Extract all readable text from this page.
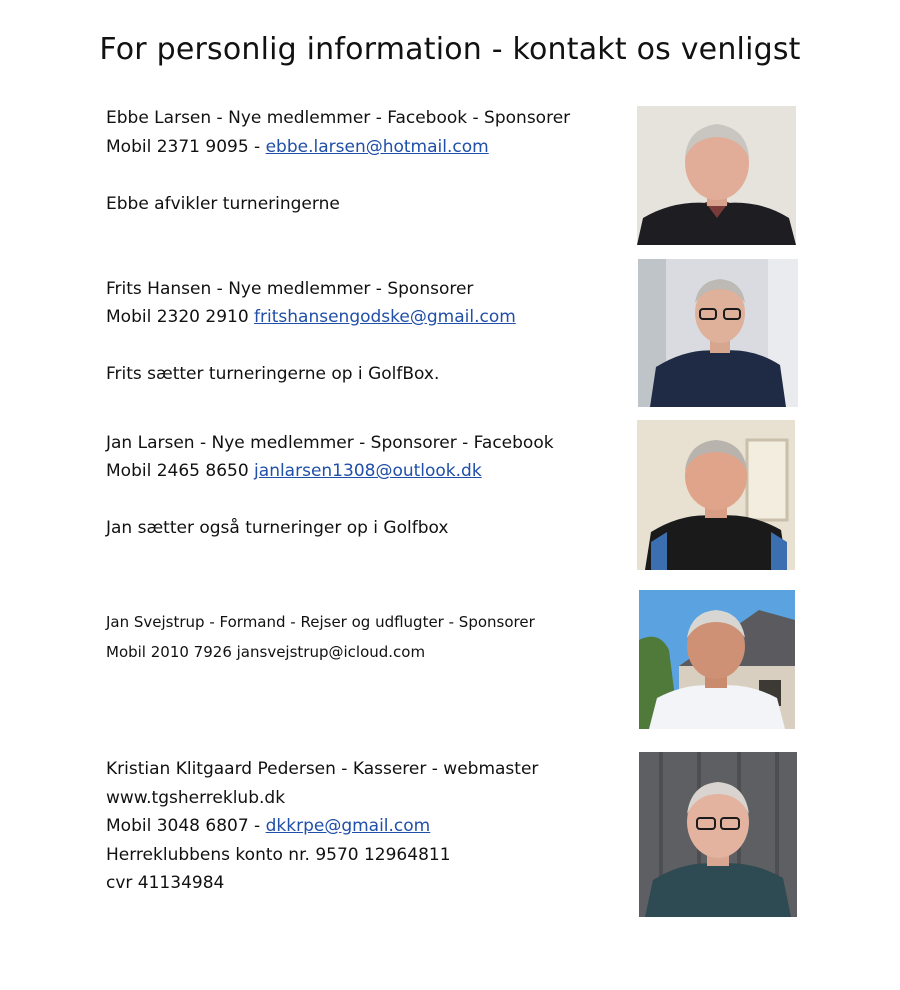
For personlig information - kontakt os venligst
Ebbe Larsen - Nye medlemmer - Facebook - Sponsorer
Mobil 2371 9095 - ebbe.larsen@hotmail.com
Ebbe afvikler turneringerne
Frits Hansen - Nye medlemmer - Sponsorer
Mobil 2320 2910 fritshansengodske@gmail.com
Frits sætter turneringerne op i GolfBox.
Jan Larsen - Nye medlemmer - Sponsorer - Facebook
Mobil 2465 8650 janlarsen1308@outlook.dk
Jan sætter også turneringer op i Golfbox
Jan Svejstrup - Formand - Rejser og udflugter - Sponsorer
Mobil 2010 7926 jansvejstrup@icloud.com
Kristian Klitgaard Pedersen - Kasserer - webmaster
www.tgsherreklub.dk
Mobil 3048 6807 - dkkrpe@gmail.com
Herreklubbens konto nr. 9570 12964811
cvr 41134984
